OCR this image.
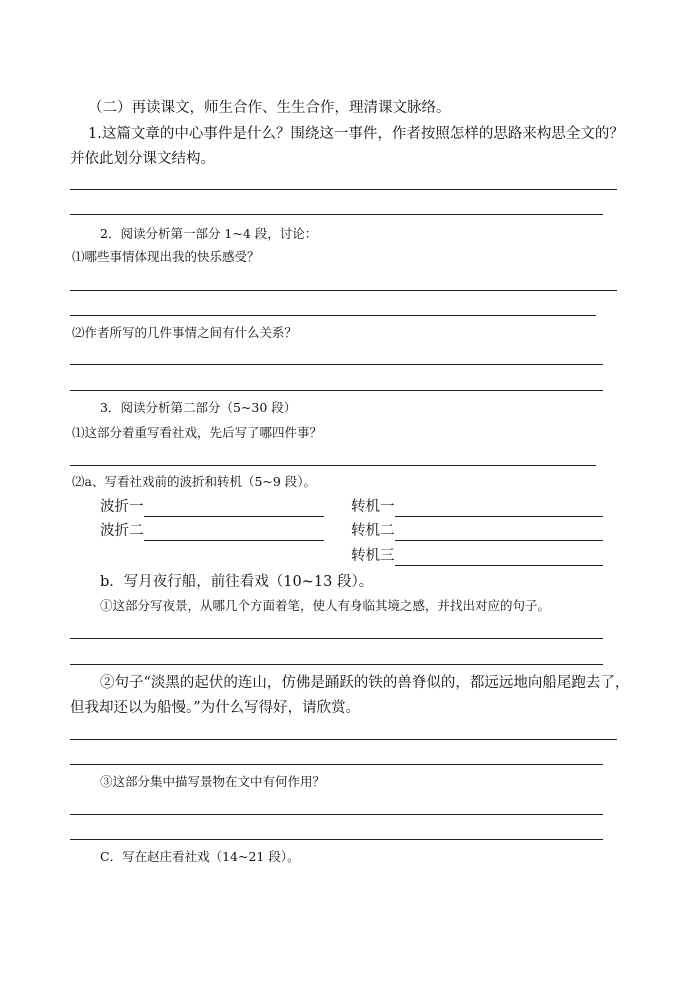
（二）再读课文，师生合作、生生合作，理清课文脉络。
1.这篇文章的中心事件是什么？围绕这一事件，作者按照怎样的思路来构思全文的？
并依此划分课文结构。
2．阅读分析第一部分 1~4 段，讨论：
⑴哪些事情体现出我的快乐感受？
⑵作者所写的几件事情之间有什么关系？
3．阅读分析第二部分（5~30 段）
⑴这部分着重写看社戏，先后写了哪四件事？
⑵a、写看社戏前的波折和转机（5~9 段）。
波折一	转机一
波折二	转机二
转机三
b．写月夜行船，前往看戏（10~13 段）。
①这部分写夜景，从哪几个方面着笔，使人有身临其境之感，并找出对应的句子。
②句子“淡黑的起伏的连山，仿佛是踊跃的铁的兽脊似的，都远远地向船尾跑去了，
但我却还以为船慢。”为什么写得好，请欣赏。
③这部分集中描写景物在文中有何作用？
C．写在赵庄看社戏（14~21 段）。
